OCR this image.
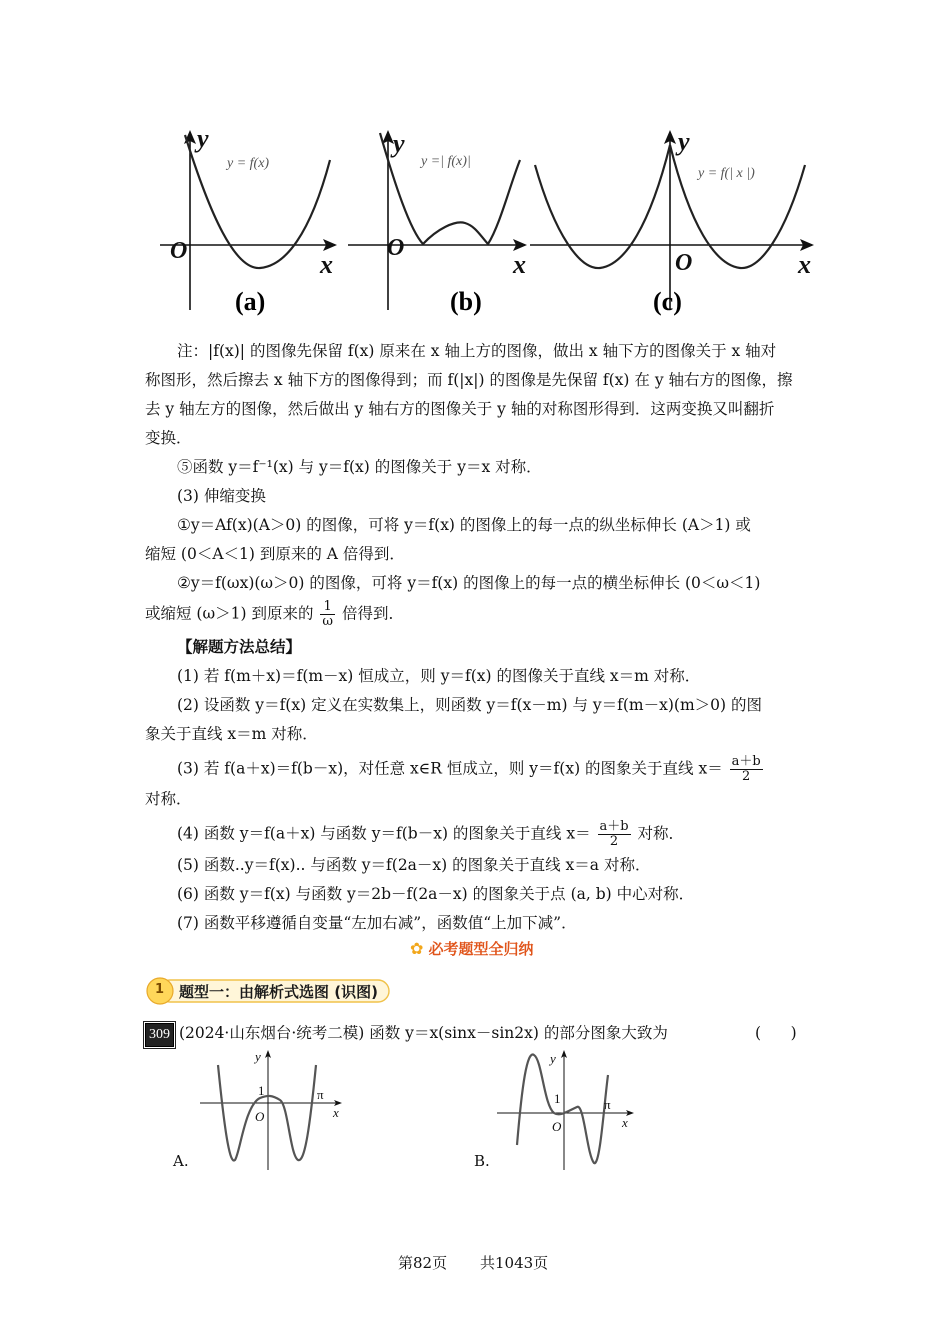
y
x
O
y = f(x)
(a)
y
x
O
y =| f(x)|
(b)
y
x
O
y = f(| x |)
(c)
注：|f(x)| 的图像先保留 f(x) 原来在 x 轴上方的图像，做出 x 轴下方的图像关于 x 轴对
称图形，然后擦去 x 轴下方的图像得到；而 f(|x|) 的图像是先保留 f(x) 在 y 轴右方的图像，擦
去 y 轴左方的图像，然后做出 y 轴右方的图像关于 y 轴的对称图形得到．这两变换又叫翻折
变换．
⑤函数 y＝f⁻¹(x) 与 y＝f(x) 的图像关于 y＝x 对称．
(3) 伸缩变换
①y＝Af(x)(A＞0) 的图像，可将 y＝f(x) 的图像上的每一点的纵坐标伸长 (A＞1) 或
缩短 (0＜A＜1) 到原来的 A 倍得到．
②y＝f(ωx)(ω＞0) 的图像，可将 y＝f(x) 的图像上的每一点的横坐标伸长 (0＜ω＜1)
或缩短 (ω＞1) 到原来的 $\frac{1}{\omega}$ 倍得到．
【解题方法总结】
(1) 若 f(m＋x)＝f(m－x) 恒成立，则 y＝f(x) 的图像关于直线 x＝m 对称．
(2) 设函数 y＝f(x) 定义在实数集上，则函数 y＝f(x－m) 与 y＝f(m－x)(m＞0) 的图
象关于直线 x＝m 对称．
(3) 若 f(a＋x)＝f(b－x)，对任意 x∈R 恒成立，则 y＝f(x) 的图象关于直线 $x= \frac{a+b}{2}$
对称．
(4) 函数 y＝f(a＋x) 与函数 y＝f(b－x) 的图象关于直线 $x= \frac{a+b}{2}$ 对称．
(5) 函数..y＝f(x).. 与函数 y＝f(2a－x) 的图象关于直线 x＝a 对称．
(6) 函数 y＝f(x) 与函数 y＝2b－f(2a－x) 的图象关于点 (a, b) 中心对称．
(7) 函数平移遵循自变量“左加右减”，函数值“上加下减”．
✿ 必考题型全归纳
1 题型一：由解析式选图 (识图)
309 (2024·山东烟台·统考二模) 函数 y＝x(sinx－sin2x) 的部分图象大致为	(      )
y
x
1	π
O
A.
y
x
1	π
O
B.
第82页 共1043页
